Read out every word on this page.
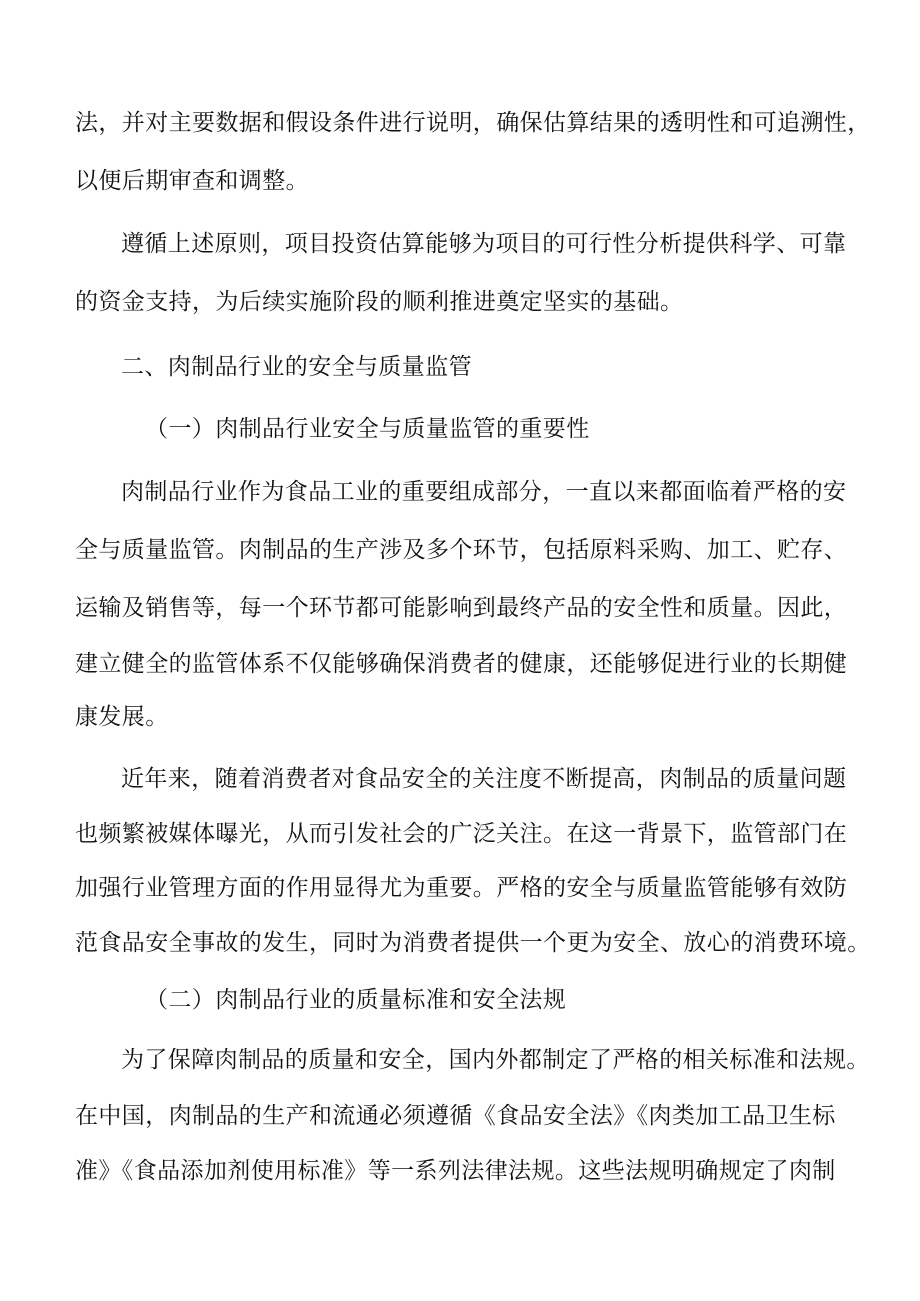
法，并对主要数据和假设条件进行说明，确保估算结果的透明性和可追溯性，
以便后期审查和调整。
遵循上述原则，项目投资估算能够为项目的可行性分析提供科学、可靠
的资金支持，为后续实施阶段的顺利推进奠定坚实的基础。
二、肉制品行业的安全与质量监管
（一）肉制品行业安全与质量监管的重要性
肉制品行业作为食品工业的重要组成部分，一直以来都面临着严格的安
全与质量监管。肉制品的生产涉及多个环节，包括原料采购、加工、贮存、
运输及销售等，每一个环节都可能影响到最终产品的安全性和质量。因此，
建立健全的监管体系不仅能够确保消费者的健康，还能够促进行业的长期健
康发展。
近年来，随着消费者对食品安全的关注度不断提高，肉制品的质量问题
也频繁被媒体曝光，从而引发社会的广泛关注。在这一背景下，监管部门在
加强行业管理方面的作用显得尤为重要。严格的安全与质量监管能够有效防
范食品安全事故的发生，同时为消费者提供一个更为安全、放心的消费环境。
（二）肉制品行业的质量标准和安全法规
为了保障肉制品的质量和安全，国内外都制定了严格的相关标准和法规。
在中国，肉制品的生产和流通必须遵循《食品安全法》《肉类加工品卫生标
准》《食品添加剂使用标准》等一系列法律法规。这些法规明确规定了肉制
